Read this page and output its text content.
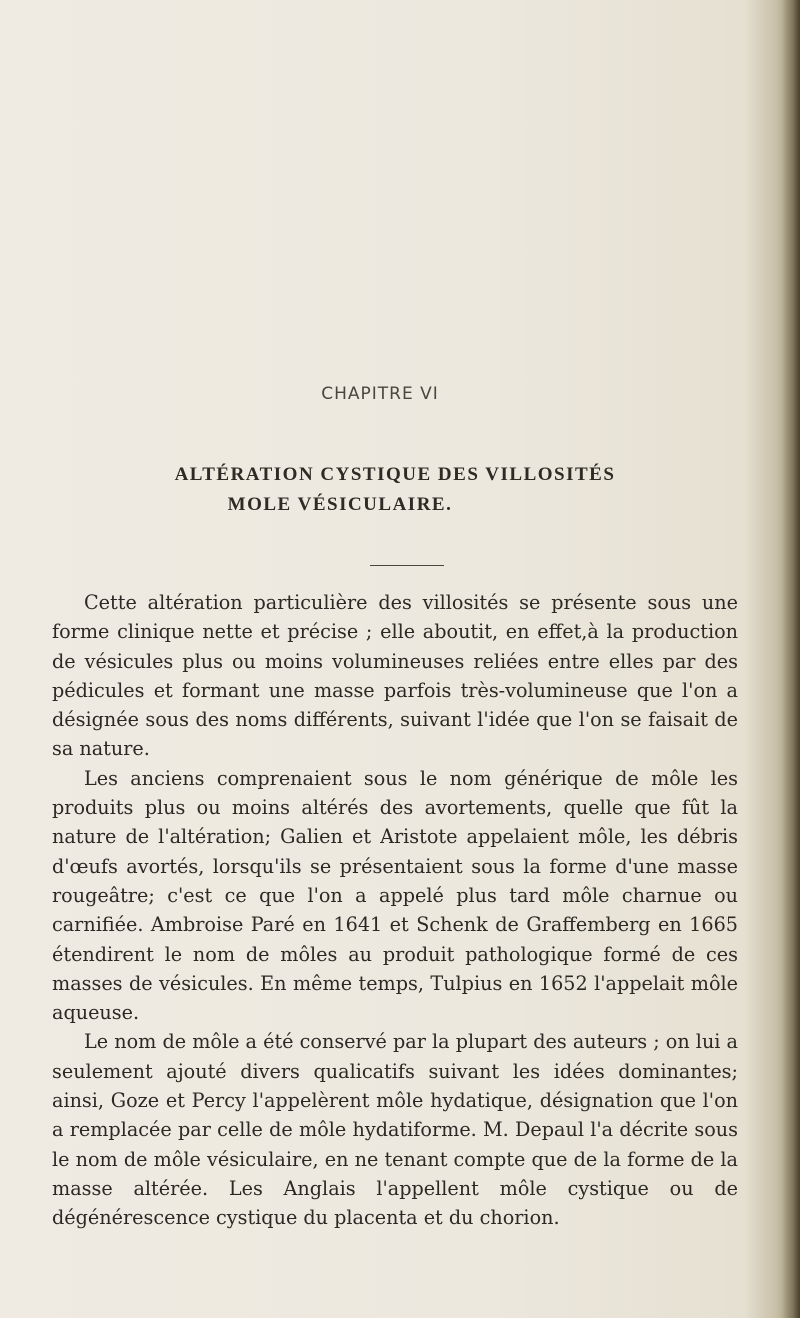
CHAPITRE VI
ALTÉRATION CYSTIQUE DES VILLOSITÉS
MOLE VÉSICULAIRE.

Cette altération particulière des villosités se présente sous une forme clinique nette et précise ; elle aboutit, en effet,à la production de vésicules plus ou moins volumineuses reliées entre elles par des pédicules et formant une masse parfois très-volumineuse que l'on a désignée sous des noms différents, suivant l'idée que l'on se faisait de sa nature.

Les anciens comprenaient sous le nom générique de môle les produits plus ou moins altérés des avortements, quelle que fût la nature de l'altération; Galien et Aristote appelaient môle, les débris d'œufs avortés, lorsqu'ils se présentaient sous la forme d'une masse rougeâtre; c'est ce que l'on a appelé plus tard môle charnue ou carnifiée. Ambroise Paré en 1641 et Schenk de Graffemberg en 1665 étendirent le nom de môles au produit pathologique formé de ces masses de vésicules. En même temps, Tulpius en 1652 l'appelait môle aqueuse.

Le nom de môle a été conservé par la plupart des auteurs ; on lui a seulement ajouté divers qualicatifs suivant les idées dominantes; ainsi, Goze et Percy l'appelèrent môle hydatique, désignation que l'on a remplacée par celle de môle hydatiforme. M. Depaul l'a décrite sous le nom de môle vésiculaire, en ne tenant compte que de la forme de la masse altérée. Les Anglais l'appellent môle cystique ou de dégénérescence cystique du placenta et du chorion.
